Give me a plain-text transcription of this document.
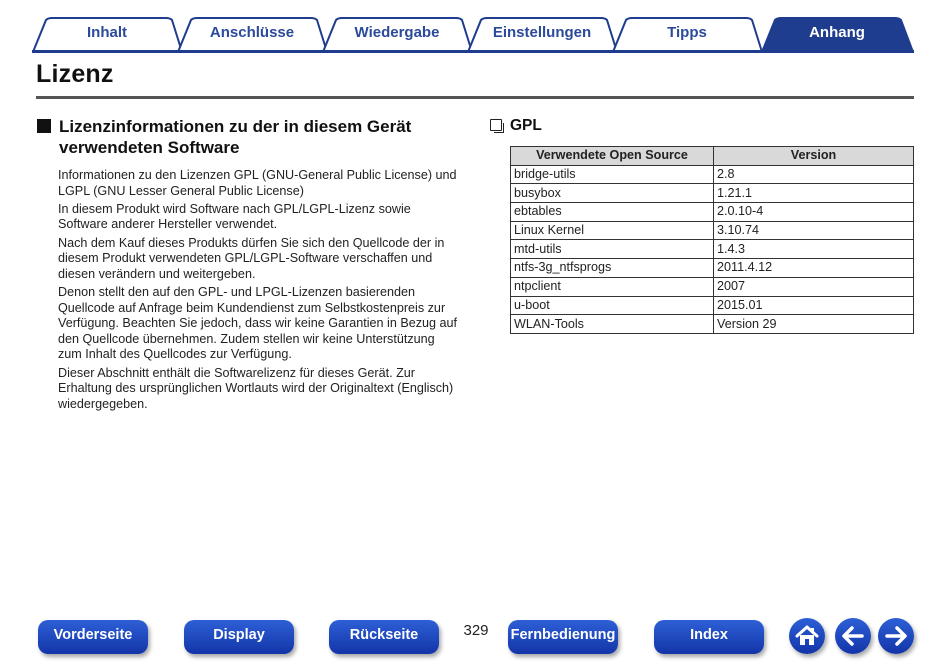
Inhalt	Anschlüsse	Wiedergabe	Einstellungen	Tipps	Anhang
Lizenz
Lizenzinformationen zu der in diesem Gerät verwendeten Software

Informationen zu den Lizenzen GPL (GNU-General Public License) und LGPL (GNU Lesser General Public License)

In diesem Produkt wird Software nach GPL/LGPL-Lizenz sowie Software anderer Hersteller verwendet.

Nach dem Kauf dieses Produkts dürfen Sie sich den Quellcode der in diesem Produkt verwendeten GPL/LGPL-Software verschaffen und diesen verändern und weitergeben.

Denon stellt den auf den GPL- und LPGL-Lizenzen basierenden Quellcode auf Anfrage beim Kundendienst zum Selbstkostenpreis zur Verfügung. Beachten Sie jedoch, dass wir keine Garantien in Bezug auf den Quellcode übernehmen. Zudem stellen wir keine Unterstützung zum Inhalt des Quellcodes zur Verfügung.

Dieser Abschnitt enthält die Softwarelizenz für dieses Gerät. Zur Erhaltung des ursprünglichen Wortlauts wird der Originaltext (Englisch) wiedergegeben.

GPL
Verwendete Open Source	Version
bridge-utils	2.8
busybox	1.21.1
ebtables	2.0.10-4
Linux Kernel	3.10.74
mtd-utils	1.4.3
ntfs-3g_ntfsprogs	2011.4.12
ntpclient	2007
u-boot	2015.01
WLAN-Tools	Version 29
Vorderseite	Display	Rückseite	329	Fernbedienung	Index
